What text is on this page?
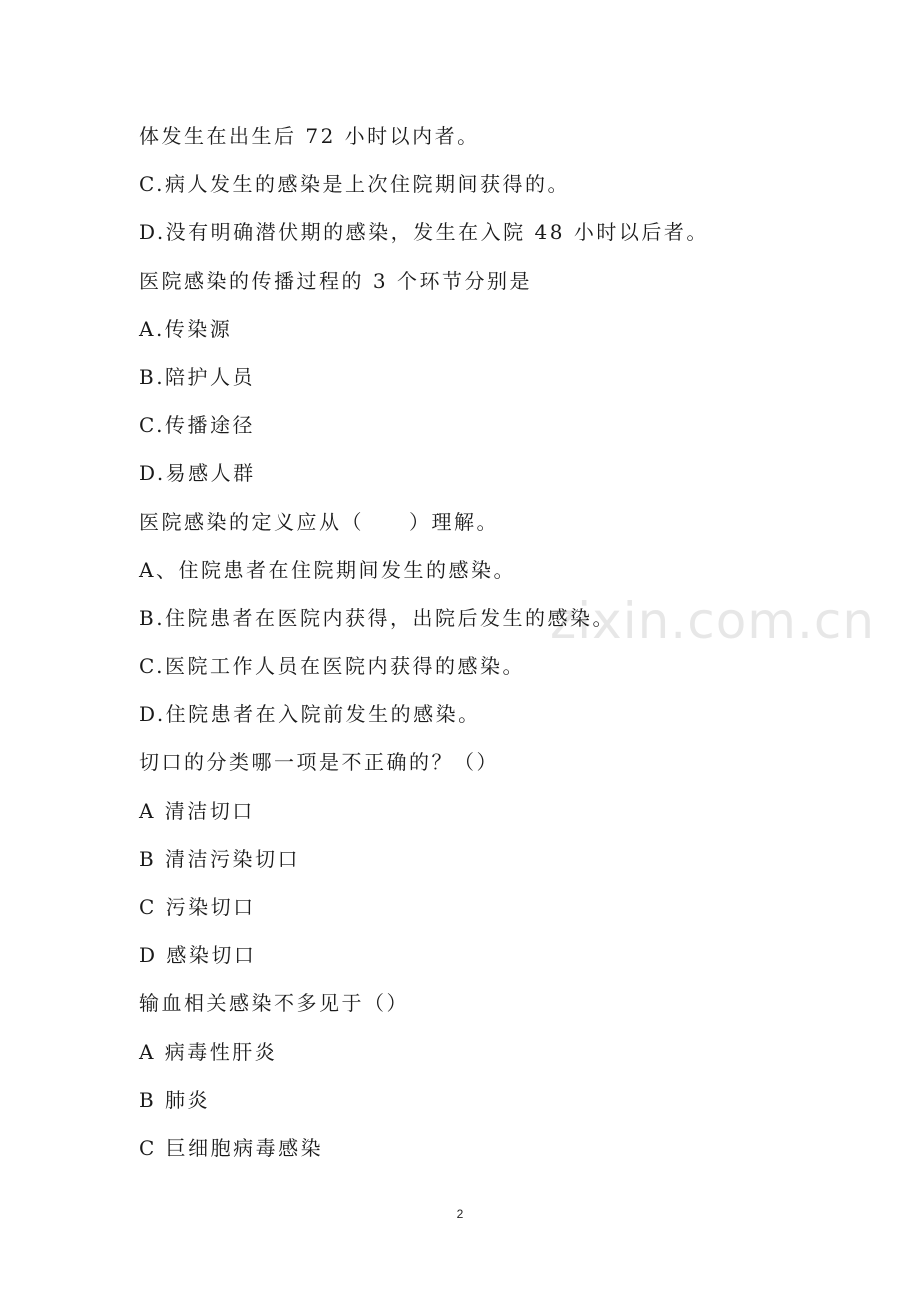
体发生在出生后 72 小时以内者。
C.病人发生的感染是上次住院期间获得的。
D.没有明确潜伏期的感染，发生在入院 48 小时以后者。
医院感染的传播过程的 3 个环节分别是
A.传染源
B.陪护人员
C.传播途径
D.易感人群
医院感染的定义应从（　　）理解。
A、住院患者在住院期间发生的感染。
B.住院患者在医院内获得，出院后发生的感染。
C.医院工作人员在医院内获得的感染。
D.住院患者在入院前发生的感染。
切口的分类哪一项是不正确的？（）
A 清洁切口
B 清洁污染切口
C 污染切口
D 感染切口
输血相关感染不多见于（）
A 病毒性肝炎
B 肺炎
C 巨细胞病毒感染
zixin.com.cn
2
